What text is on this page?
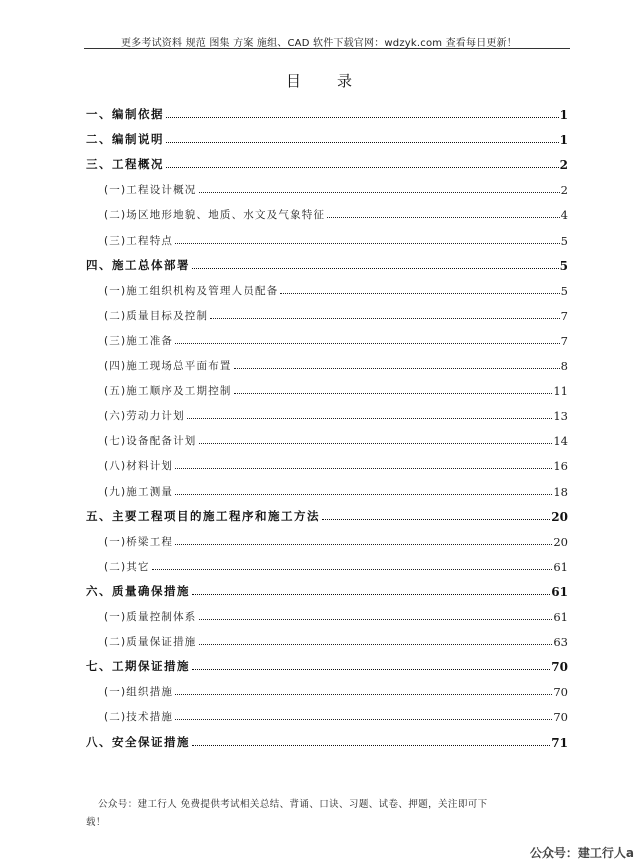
更多考试资料 规范 图集 方案 施组、CAD 软件下载官网：wdzyk.com 查看每日更新！
目录
一、编制依据	1
二、编制说明	1
三、工程概况	2
(一)工程设计概况	2
(二)场区地形地貌、地质、水文及气象特征	4
(三)工程特点	5
四、施工总体部署	5
(一)施工组织机构及管理人员配备	5
(二)质量目标及控制	7
(三)施工准备	7
(四)施工现场总平面布置	8
(五)施工顺序及工期控制	11
(六)劳动力计划	13
(七)设备配备计划	14
(八)材料计划	16
(九)施工测量	18
五、主要工程项目的施工程序和施工方法	20
(一)桥梁工程	20
(二)其它	61
六、质量确保措施	61
(一)质量控制体系	61
(二)质量保证措施	63
七、工期保证措施	70
(一)组织措施	70
(二)技术措施	70
八、安全保证措施	71
公众号：建工行人 免费提供考试相关总结、背诵、口诀、习题、试卷、押题，关注即可下
载！
公众号：建工行人a
